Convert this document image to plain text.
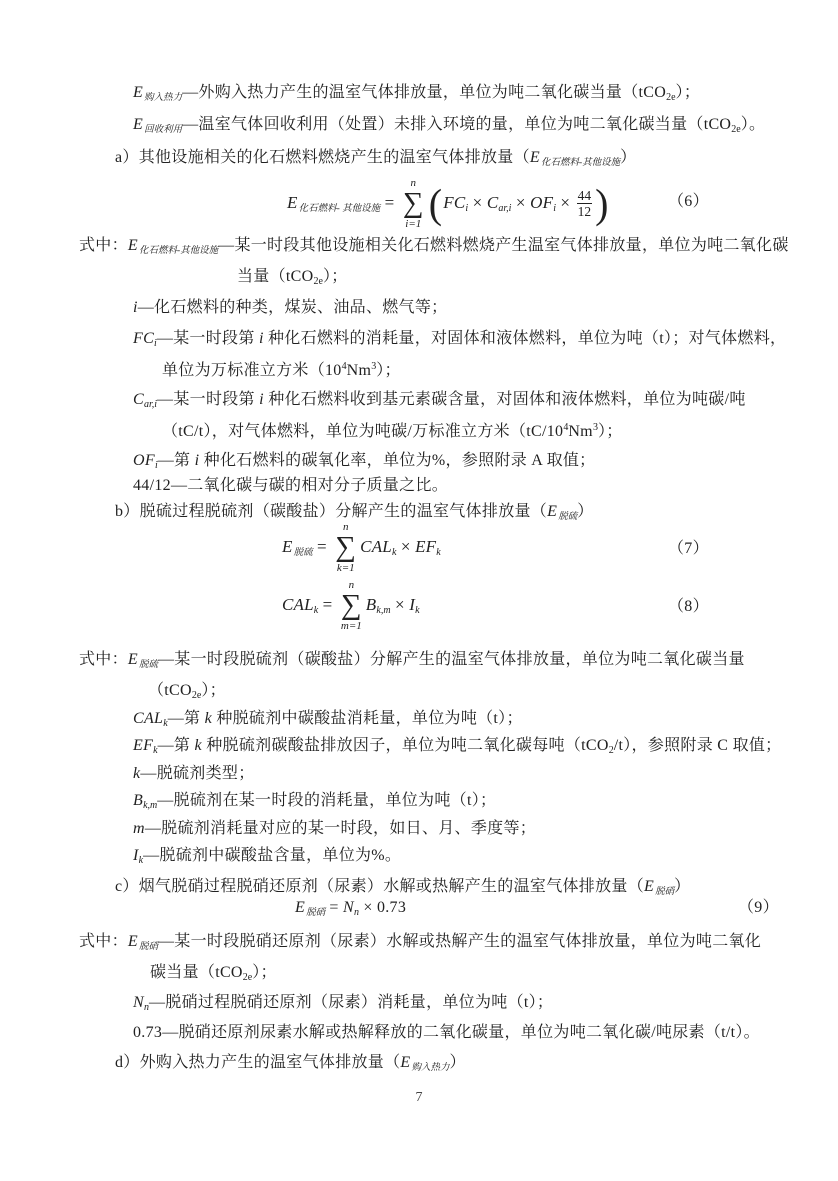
7
E购入热力—外购入热力产生的温室气体排放量，单位为吨二氧化碳当量（tCO2e）；
E回收利用—温室气体回收利用（处置）未排入环境的量，单位为吨二氧化碳当量（tCO2e）。
a）其他设施相关的化石燃料燃烧产生的温室气体排放量（E化石燃料-其他设施）
E化石燃料- 其他设施 =
n
∑
i=1 ( FCi × Car,i × OFi × $\frac{44}{12}$ )	（6）
式中：E化石燃料-其他设施—某一时段其他设施相关化石燃料燃烧产生温室气体排放量，单位为吨二氧化碳
当量（tCO2e）；
i—化石燃料的种类，煤炭、油品、燃气等；
FCi—某一时段第 i 种化石燃料的消耗量，对固体和液体燃料，单位为吨（t）；对气体燃料，
单位为万标准立方米$(10^4Nm^3)$；
Car,i—某一时段第 i 种化石燃料收到基元素碳含量，对固体和液体燃料，单位为吨碳/吨
（tC/t），对气体燃料，单位为吨碳/万标准立方米$(tC/10^4Nm^3)$；
OFi—第 i 种化石燃料的碳氧化率，单位为%，参照附录 A 取值；
44/12—二氧化碳与碳的相对分子质量之比。
b）脱硫过程脱硫剂（碳酸盐）分解产生的温室气体排放量（E脱硫）
E脱硫 =
n
∑
k=1
CALk × EFk	（7）
CALk =
n
∑
m=1
Bk,m × Ik	（8）
式中：E脱硫—某一时段脱硫剂（碳酸盐）分解产生的温室气体排放量，单位为吨二氧化碳当量
（tCO2e）；
CALk—第 k 种脱硫剂中碳酸盐消耗量，单位为吨（t）；
EFk—第 k 种脱硫剂碳酸盐排放因子，单位为吨二氧化碳每吨（tCO2/t），参照附录 C 取值；
k—脱硫剂类型；
Bk,m—脱硫剂在某一时段的消耗量，单位为吨（t）；
m—脱硫剂消耗量对应的某一时段，如日、月、季度等；
Ik—脱硫剂中碳酸盐含量，单位为%。
c）烟气脱硝过程脱硝还原剂（尿素）水解或热解产生的温室气体排放量（E脱硝）
E脱硝 = Nn × 0.73	（9）
式中：E脱硝—某一时段脱硝还原剂（尿素）水解或热解产生的温室气体排放量，单位为吨二氧化
碳当量（tCO2e）；
Nn—脱硝过程脱硝还原剂（尿素）消耗量，单位为吨（t）；
0.73—脱硝还原剂尿素水解或热解释放的二氧化碳量，单位为吨二氧化碳/吨尿素（t/t）。
d）外购入热力产生的温室气体排放量（E购入热力）
